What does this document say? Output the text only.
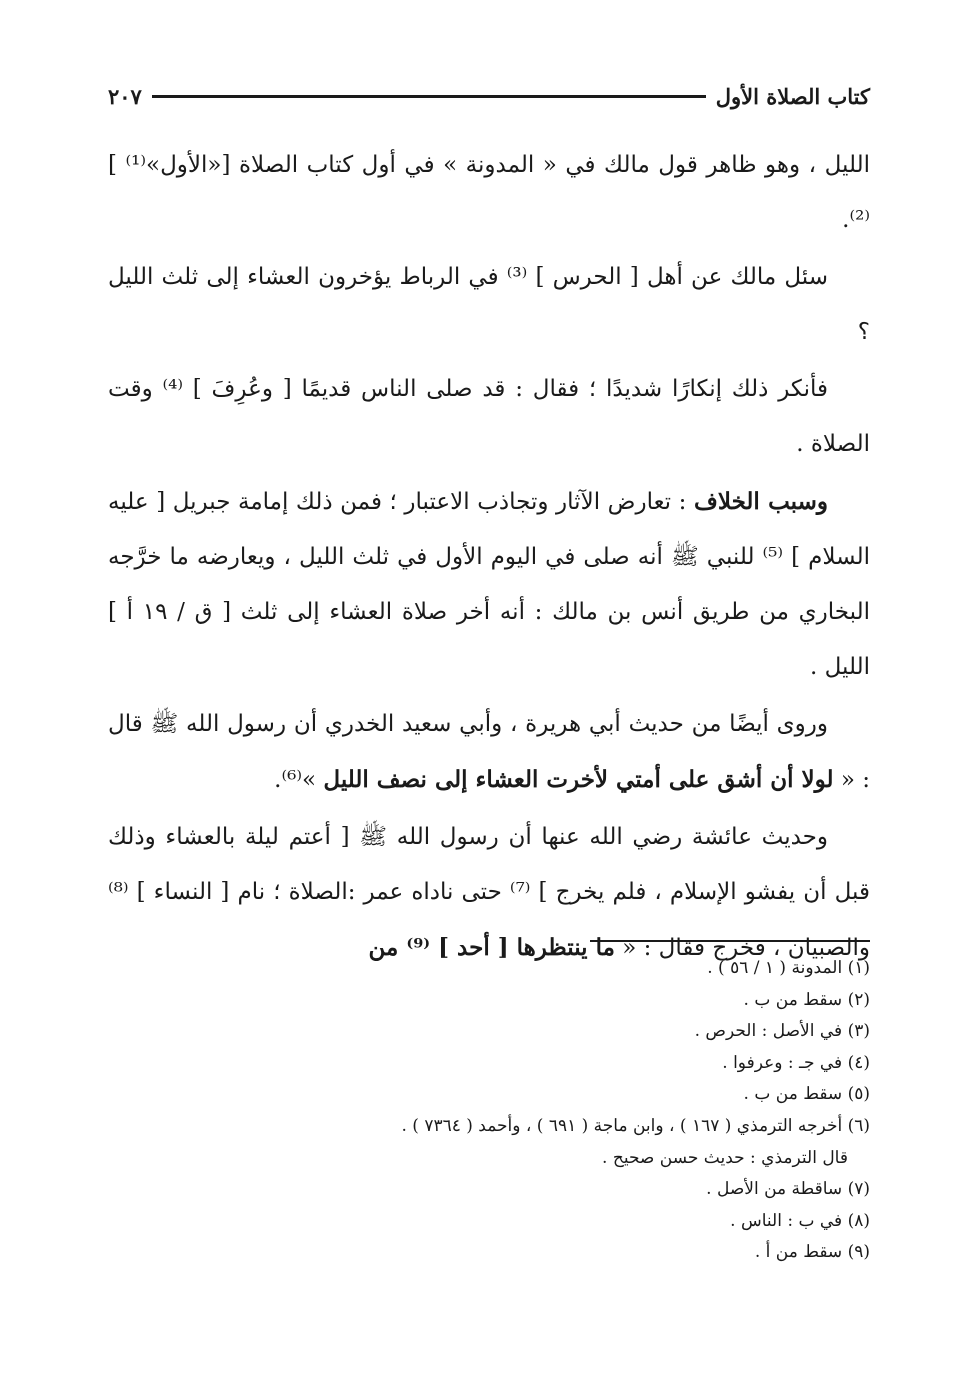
كتاب الصلاة الأول
٢٠٧

الليل ، وهو ظاهر قول مالك في « المدونة » في أول كتاب الصلاة [«الأول»⁽¹⁾ ] ⁽²⁾.

سئل مالك عن أهل [ الحرس ] ⁽³⁾ في الرباط يؤخرون العشاء إلى ثلث الليل ؟

فأنكر ذلك إنكارًا شديدًا ؛ فقال : قد صلى الناس قديمًا [ وعُرِفَ ] ⁽⁴⁾ وقت الصلاة .

وسبب الخلاف : تعارض الآثار وتجاذب الاعتبار ؛ فمن ذلك إمامة جبريل [ عليه السلام ] ⁽⁵⁾ للنبي ﷺ أنه صلى في اليوم الأول في ثلث الليل ، ويعارضه ما خرَّجه البخاري من طريق أنس بن مالك : أنه أخر صلاة العشاء إلى ثلث [ ق / ١٩ أ ] الليل .

وروى أيضًا من حديث أبي هريرة ، وأبي سعيد الخدري أن رسول الله ﷺ قال : « لولا أن أشق على أمتي لأخرت العشاء إلى نصف الليل »⁽⁶⁾.

وحديث عائشة رضي الله عنها أن رسول الله ﷺ [ أعتم ليلة بالعشاء وذلك قبل أن يفشو الإسلام ، فلم يخرج ] ⁽⁷⁾ حتى ناداه عمر :الصلاة ؛ نام [ النساء ] ⁽⁸⁾ والصبيان ، فخرج فقال : « ما ينتظرها [ أحد ] ⁽⁹⁾ من

(١) المدونة ( ١ / ٥٦ ) .
(٢) سقط من ب .
(٣) في الأصل : الحرص .
(٤) في جـ : وعرفوا .
(٥) سقط من ب .
(٦) أخرجه الترمذي ( ١٦٧ ) ، وابن ماجة ( ٦٩١ ) ، وأحمد ( ٧٣٦٤ ) .
قال الترمذي : حديث حسن صحيح .
(٧) ساقطة من الأصل .
(٨) في ب : الناس .
(٩) سقط من أ .
